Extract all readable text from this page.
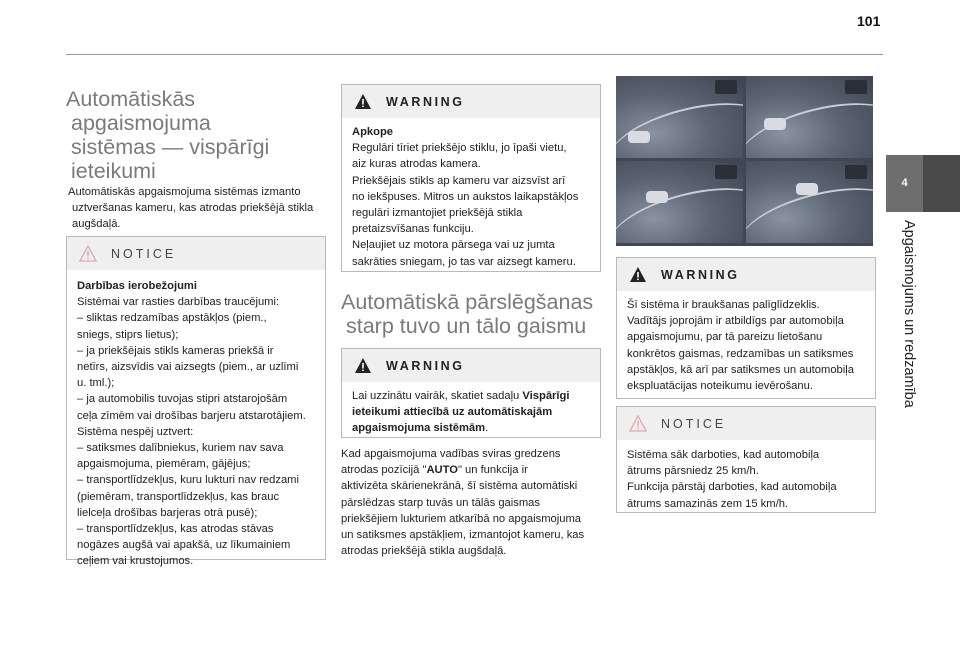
101
4
Apgaismojums un redzamība
Automātiskās
apgaismojuma
sistēmas — vispārīgi
ieteikumi
Automātiskās apgaismojuma sistēmas izmanto
uztveršanas kameru, kas atrodas priekšējā stikla
augšdaļā.
NOTICE
Darbības ierobežojumi
Sistēmai var rasties darbības traucējumi:
– sliktas redzamības apstākļos (piem.,
sniegs, stiprs lietus);
– ja priekšējais stikls kameras priekšā ir
netīrs, aizsvīdis vai aizsegts (piem., ar uzlīmi
u. tml.);
– ja automobilis tuvojas stipri atstarojošām
ceļa zīmēm vai drošības barjeru atstarotājiem.
Sistēma nespēj uztvert:
– satiksmes dalībniekus, kuriem nav sava
apgaismojuma, piemēram, gājējus;
– transportlīdzekļus, kuru lukturi nav redzami
(piemēram, transportlīdzekļus, kas brauc
lielceļa drošības barjeras otrā pusē);
– transportlīdzekļus, kas atrodas stāvas
nogāzes augšā vai apakšā, uz līkumainiem
ceļiem vai krustojumos.
WARNING
Apkope
Regulāri tīriet priekšējo stiklu, jo īpaši vietu,
aiz kuras atrodas kamera.
Priekšējais stikls ap kameru var aizsvīst arī
no iekšpuses. Mitros un aukstos laikapstākļos
regulāri izmantojiet priekšējā stikla
pretaizsvīšanas funkciju.
Neļaujiet uz motora pārsega vai uz jumta
sakrāties sniegam, jo tas var aizsegt kameru.
Automātiskā pārslēgšanas
starp tuvo un tālo gaismu
WARNING
Lai uzzinātu vairāk, skatiet sadaļu Vispārīgi
ieteikumi attiecībā uz automātiskajām
apgaismojuma sistēmām.
Kad apgaismojuma vadības sviras gredzens
atrodas pozīcijā "AUTO" un funkcija ir
aktivizēta skārienekrānā, šī sistēma automātiski
pārslēdzas starp tuvās un tālās gaismas
priekšējiem lukturiem atkarībā no apgaismojuma
un satiksmes apstākļiem, izmantojot kameru, kas
atrodas priekšējā stikla augšdaļā.
WARNING
Šī sistēma ir braukšanas palīglīdzeklis.
Vadītājs joprojām ir atbildīgs par automobiļa
apgaismojumu, par tā pareizu lietošanu
konkrētos gaismas, redzamības un satiksmes
apstākļos, kā arī par satiksmes un automobiļa
ekspluatācijas noteikumu ievērošanu.
NOTICE
Sistēma sāk darboties, kad automobiļa
ātrums pārsniedz 25 km/h.
Funkcija pārstāj darboties, kad automobiļa
ātrums samazinās zem 15 km/h.
